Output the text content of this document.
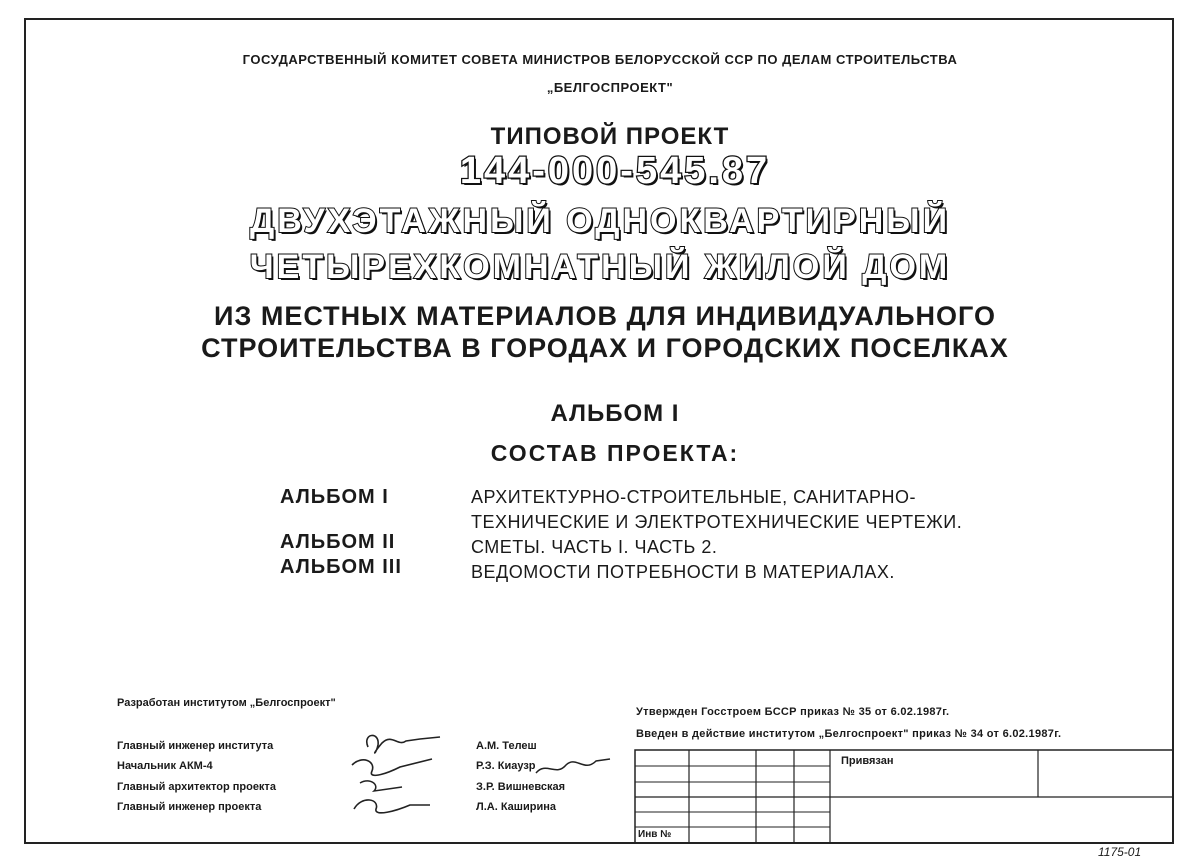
ГОСУДАРСТВЕННЫЙ КОМИТЕТ СОВЕТА МИНИСТРОВ БЕЛОРУССКОЙ ССР ПО ДЕЛАМ СТРОИТЕЛЬСТВА
„БЕЛГОСПРОЕКТ"
ТИПОВОЙ ПРОЕКТ
144-000-545.87
ДВУХЭТАЖНЫЙ ОДНОКВАРТИРНЫЙ
ЧЕТЫРЕХКОМНАТНЫЙ ЖИЛОЙ ДОМ
ИЗ МЕСТНЫХ МАТЕРИАЛОВ ДЛЯ ИНДИВИДУАЛЬНОГО
СТРОИТЕЛЬСТВА В ГОРОДАХ И ГОРОДСКИХ ПОСЕЛКАХ
АЛЬБОМ I
СОСТАВ ПРОЕКТА:
АЛЬБОМ I	АРХИТЕКТУРНО-СТРОИТЕЛЬНЫЕ, САНИТАРНО-
ТЕХНИЧЕСКИЕ И ЭЛЕКТРОТЕХНИЧЕСКИЕ ЧЕРТЕЖИ.
АЛЬБОМ II	СМЕТЫ. ЧАСТЬ I. ЧАСТЬ 2.
АЛЬБОМ III	ВЕДОМОСТИ ПОТРЕБНОСТИ В МАТЕРИАЛАХ.
Разработан институтом „Белгоспроект"
Главный инженер института	А.М. Телеш
Начальник АКМ-4	Р.З. Киаузр
Главный архитектор проекта	З.Р. Вишневская
Главный инженер проекта	Л.А. Каширина
Утвержден Госстроем БССР приказ № 35 от 6.02.1987г.
Введен в действие институтом „Белгоспроект" приказ № 34 от 6.02.1987г.
Привязан
Инв №
1175-01
